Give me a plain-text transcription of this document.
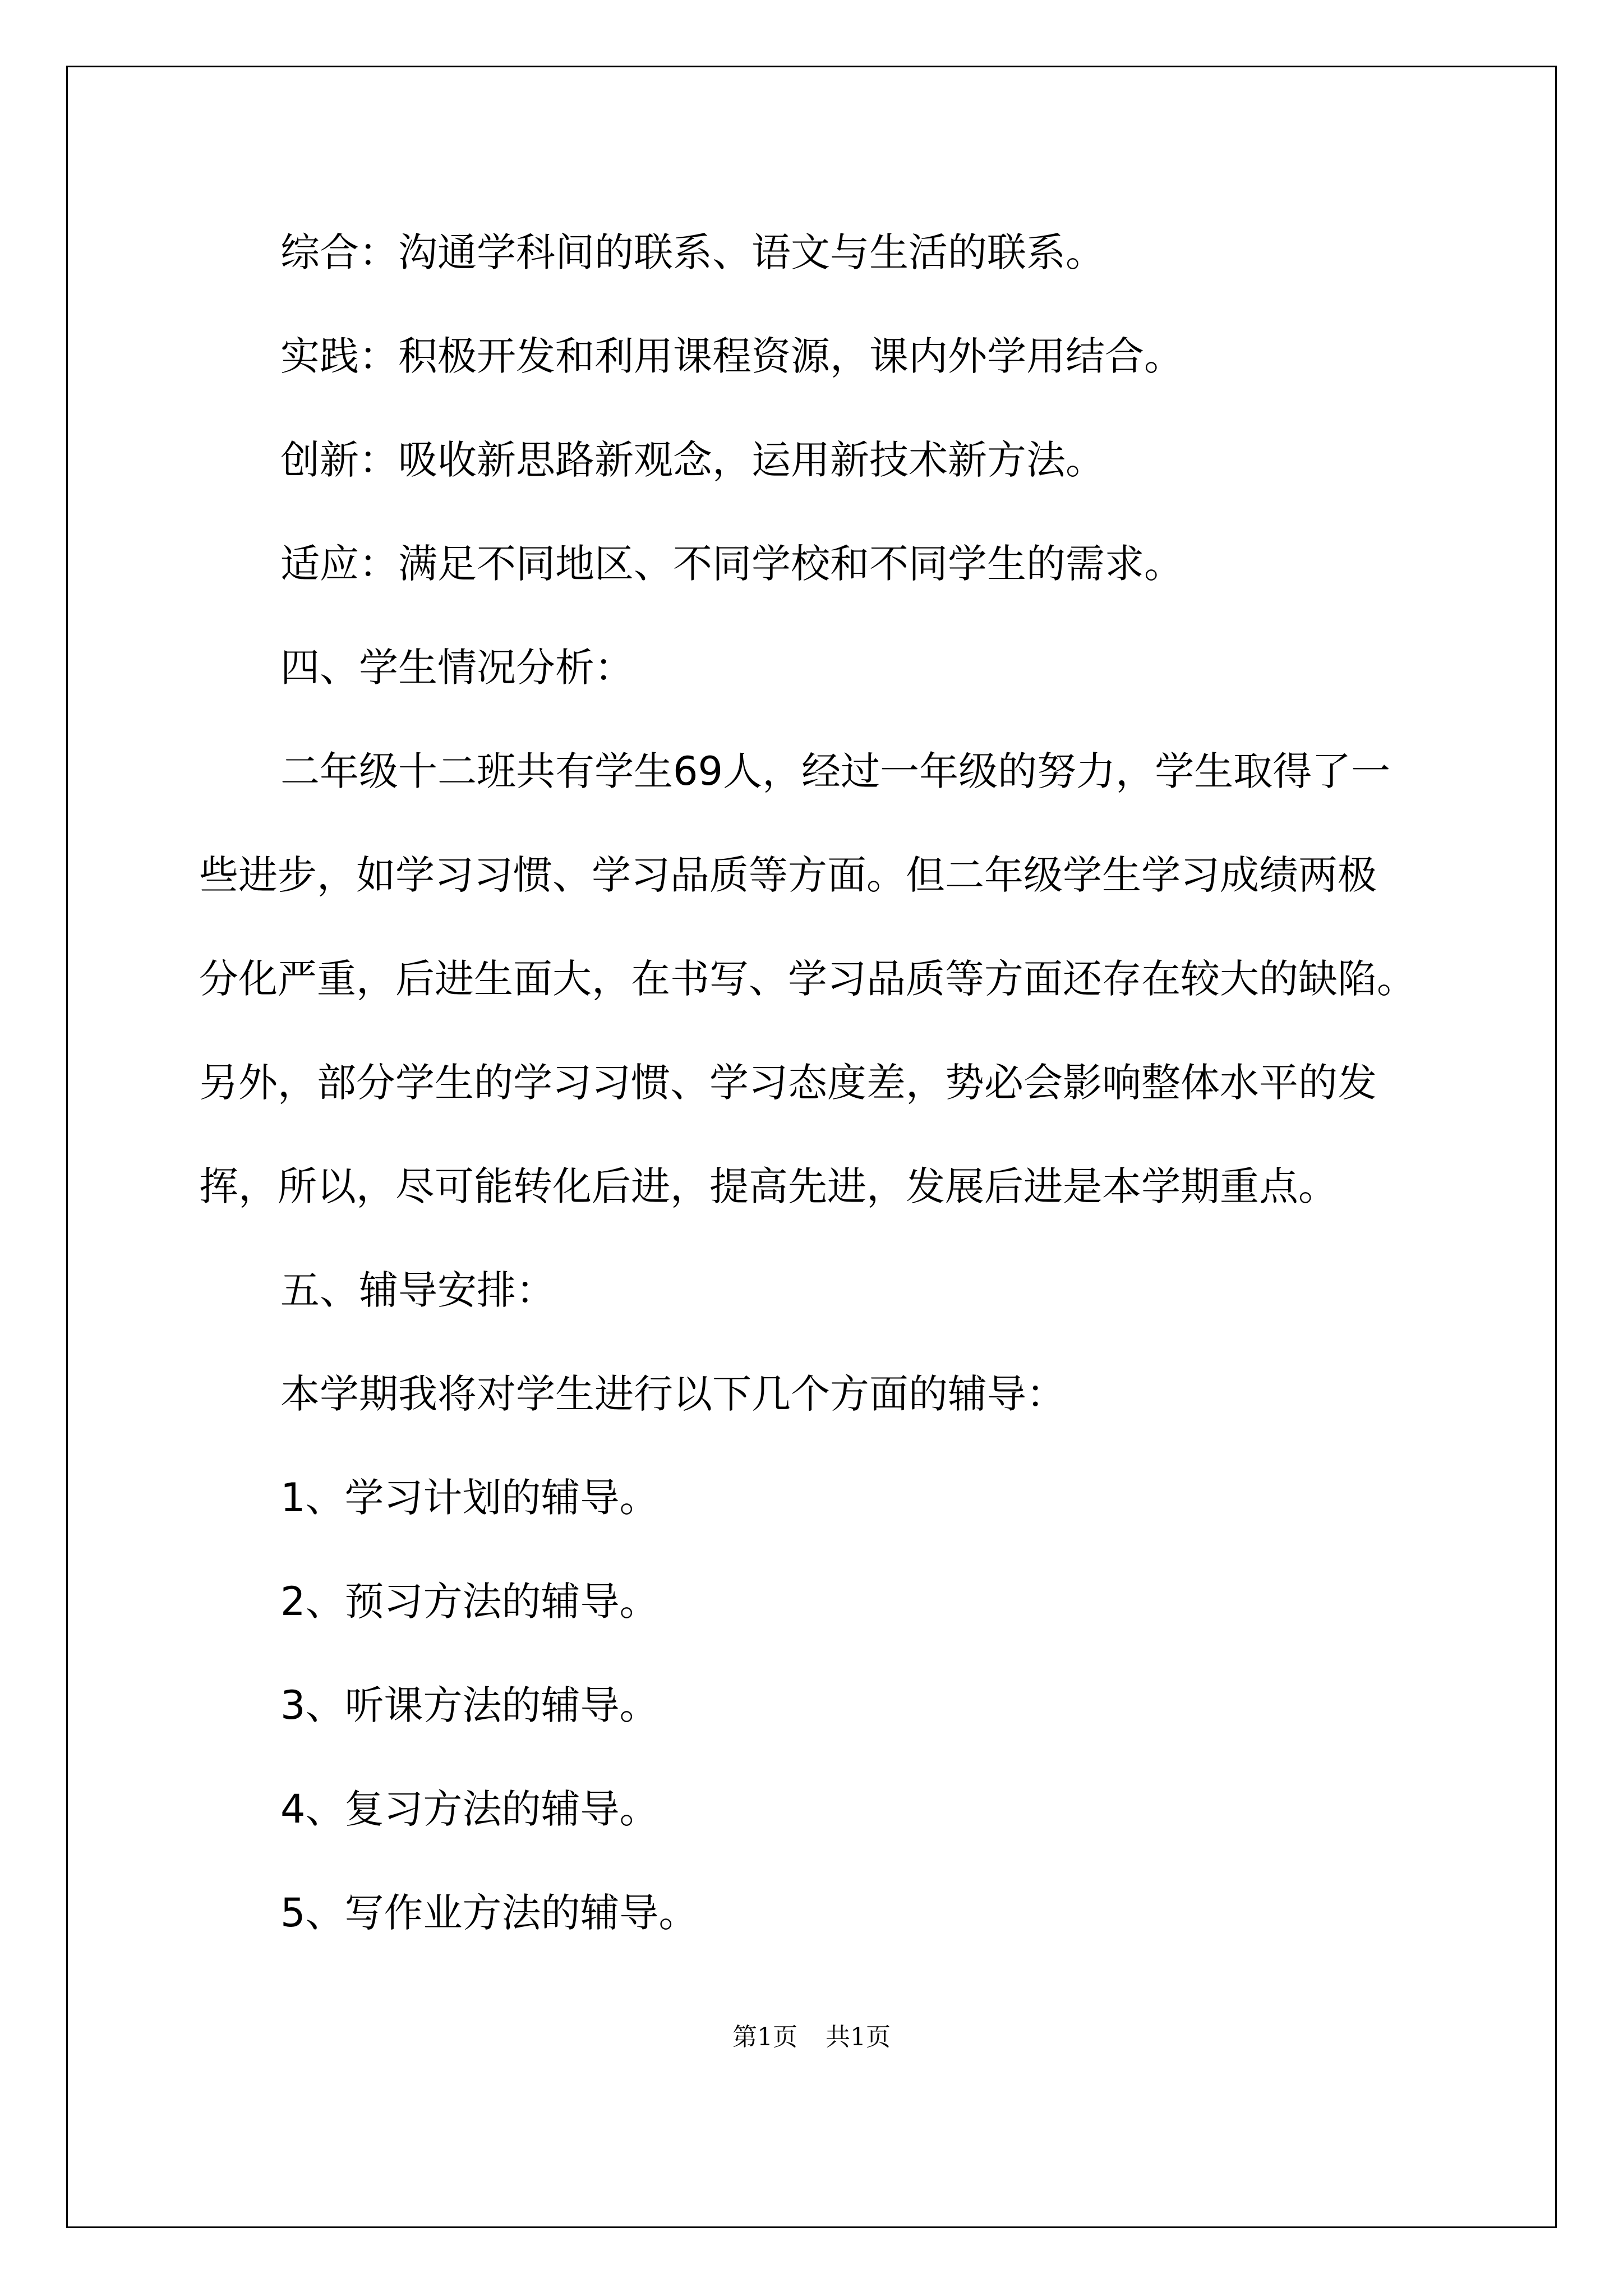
综合：沟通学科间的联系、语文与生活的联系。
实践：积极开发和利用课程资源，课内外学用结合。
创新：吸收新思路新观念，运用新技术新方法。
适应：满足不同地区、不同学校和不同学生的需求。
四、学生情况分析：
二年级十二班共有学生69人，经过一年级的努力，学生取得了一
些进步，如学习习惯、学习品质等方面。但二年级学生学习成绩两极
分化严重，后进生面大，在书写、学习品质等方面还存在较大的缺陷。
另外，部分学生的学习习惯、学习态度差，势必会影响整体水平的发
挥，所以，尽可能转化后进，提高先进，发展后进是本学期重点。
五、辅导安排：
本学期我将对学生进行以下几个方面的辅导：
1、学习计划的辅导。
2、预习方法的辅导。
3、听课方法的辅导。
4、复习方法的辅导。
5、写作业方法的辅导。
第1页 共1页
